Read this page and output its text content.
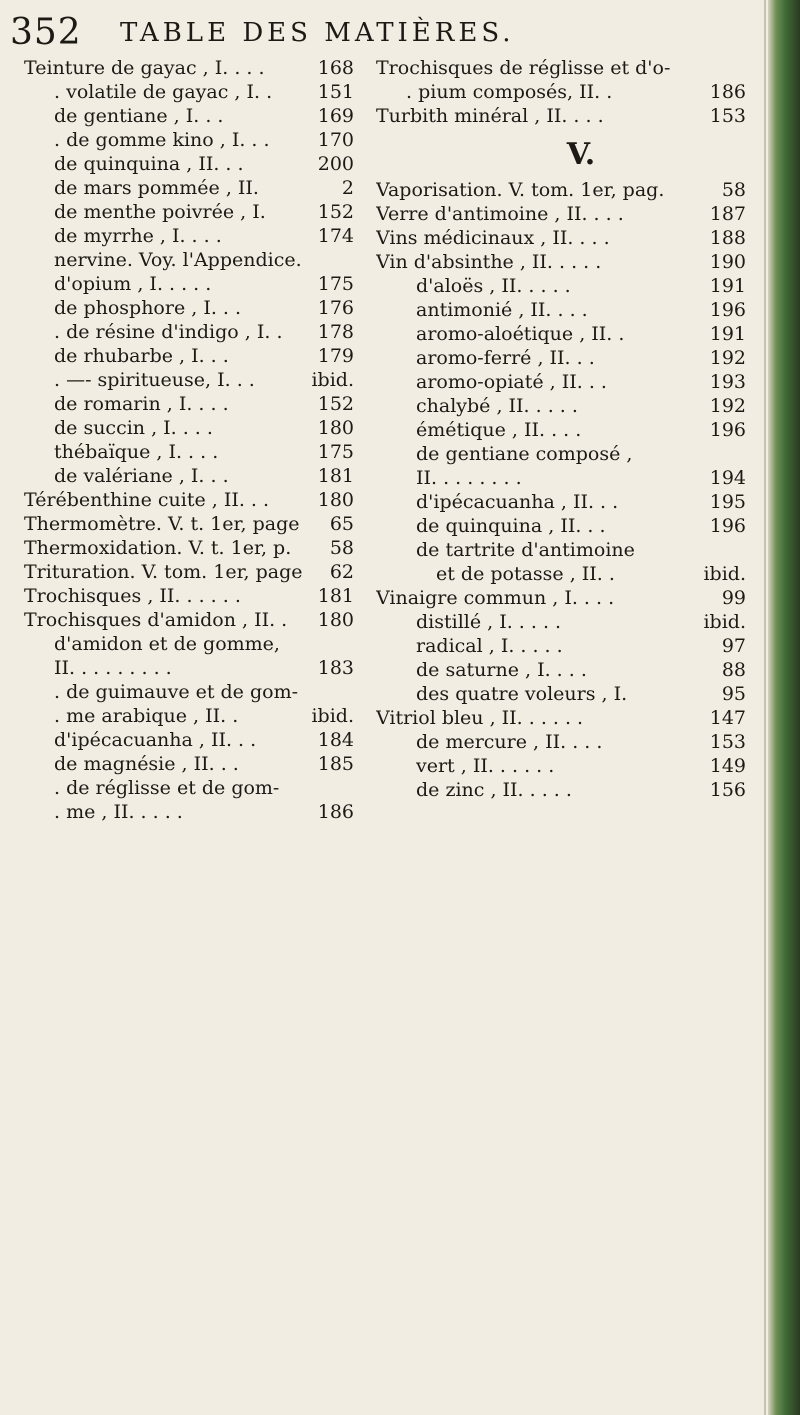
352 TABLE DES MATIÈRES.
Teinture de gayac , I. . . .	168
. volatile de gayac , I. . 151
de gentiane , I. . .	169
. de gomme kino , I. . .	170
de quinquina , II. . .	200
de mars pommée , II.	2
de menthe poivrée , I.	152
de myrrhe , I. . . .	174
nervine. Voy. l'Appendice.
d'opium , I. . . . .	175
de phosphore , I. . .	176
. de résine d'indigo , I. . 178
de rhubarbe , I. . .	179
. —- spiritueuse, I. . .	ibid.
de romarin , I. . . .	152
de succin , I. . . .	180
thébaïque , I. . . .	175
de valériane , I. . .	181
Térébenthine cuite , II. . .	180
Thermomètre. V. t. 1er, page 65
Thermoxidation. V. t. 1er, p. 58
Trituration. V. tom. 1er, page 62
Trochisques , II. . . . . .	181
Trochisques d'amidon , II. . 180
d'amidon et de gomme,
II. . . . . . . . .	183
. de guimauve et de gom-
. me arabique , II. .	ibid.
d'ipécacuanha , II. . .	184
de magnésie , II. . .	185
. de réglisse et de gom-
. me , II. . . . .	186
Trochisques de réglisse et d'o-
. pium composés, II. .	186
Turbith minéral , II. . . .	153
V.
Vaporisation. V. tom. 1er, pag.	58
Verre d'antimoine , II. . . .	187
Vins médicinaux , II. . . .	188
Vin d'absinthe , II. . . . .	190
d'aloës , II. . . . .	191
antimonié , II. . . .	196
aromo-aloétique , II. .	191
aromo-ferré , II. . .	192
aromo-opiaté , II. . .	193
chalybé , II. . . . .	192
émétique , II. . . .	196
de gentiane composé ,
II. . . . . . . .	194
d'ipécacuanha , II. . .	195
de quinquina , II. . .	196
de tartrite d'antimoine
et de potasse , II. .	ibid.
Vinaigre commun , I. . . .	99
distillé , I. . . . .	ibid.
radical , I. . . . .	97
de saturne , I. . . .	88
des quatre voleurs , I.	95
Vitriol bleu , II. . . . . .	147
de mercure , II. . . .	153
vert , II. . . . . .	149
de zinc , II. . . . .	156
